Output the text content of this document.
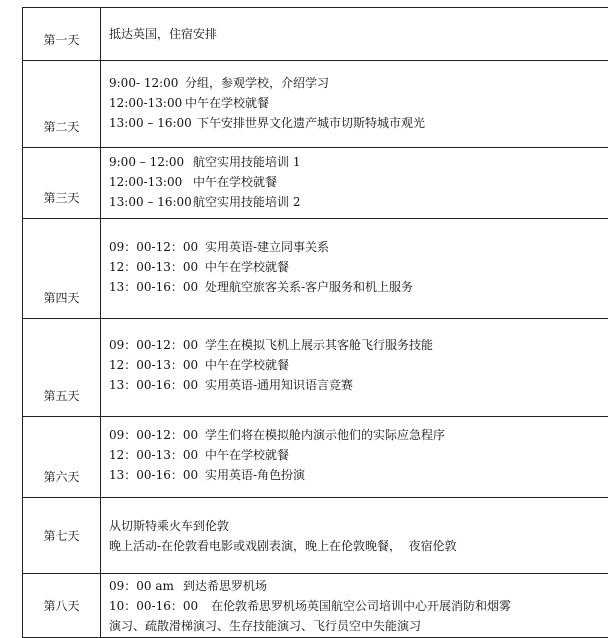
第一天	抵达英国，住宿安排

第二天	9:00- 12:00 分组，参观学校，介绍学习
12:00-13:00 中午在学校就餐
13:00 – 16:00 下午安排世界文化遗产城市切斯特城市观光

第三天	9:00 – 12:00 航空实用技能培训 1
12:00-13:00 中午在学校就餐
13:00 – 16:00航空实用技能培训 2

第四天	09：00-12：00 实用英语-建立同事关系
12：00-13：00 中午在学校就餐
13：00-16：00 处理航空旅客关系-客户服务和机上服务

第五天	09：00-12：00 学生在模拟飞机上展示其客舱飞行服务技能
12：00-13：00 中午在学校就餐
13：00-16：00 实用英语-通用知识语言竞赛

第六天	09：00-12：00 学生们将在模拟舱内演示他们的实际应急程序
12：00-13：00 中午在学校就餐
13：00-16：00 实用英语-角色扮演

第七天	从切斯特乘火车到伦敦
晚上活动-在伦敦看电影或戏剧表演，晚上在伦敦晚餐，  夜宿伦敦

第八天	09：00 am 到达希思罗机场
10：00-16：00 在伦敦希思罗机场英国航空公司培训中心开展消防和烟雾
演习、疏散滑梯演习、生存技能演习、飞行员空中失能演习
